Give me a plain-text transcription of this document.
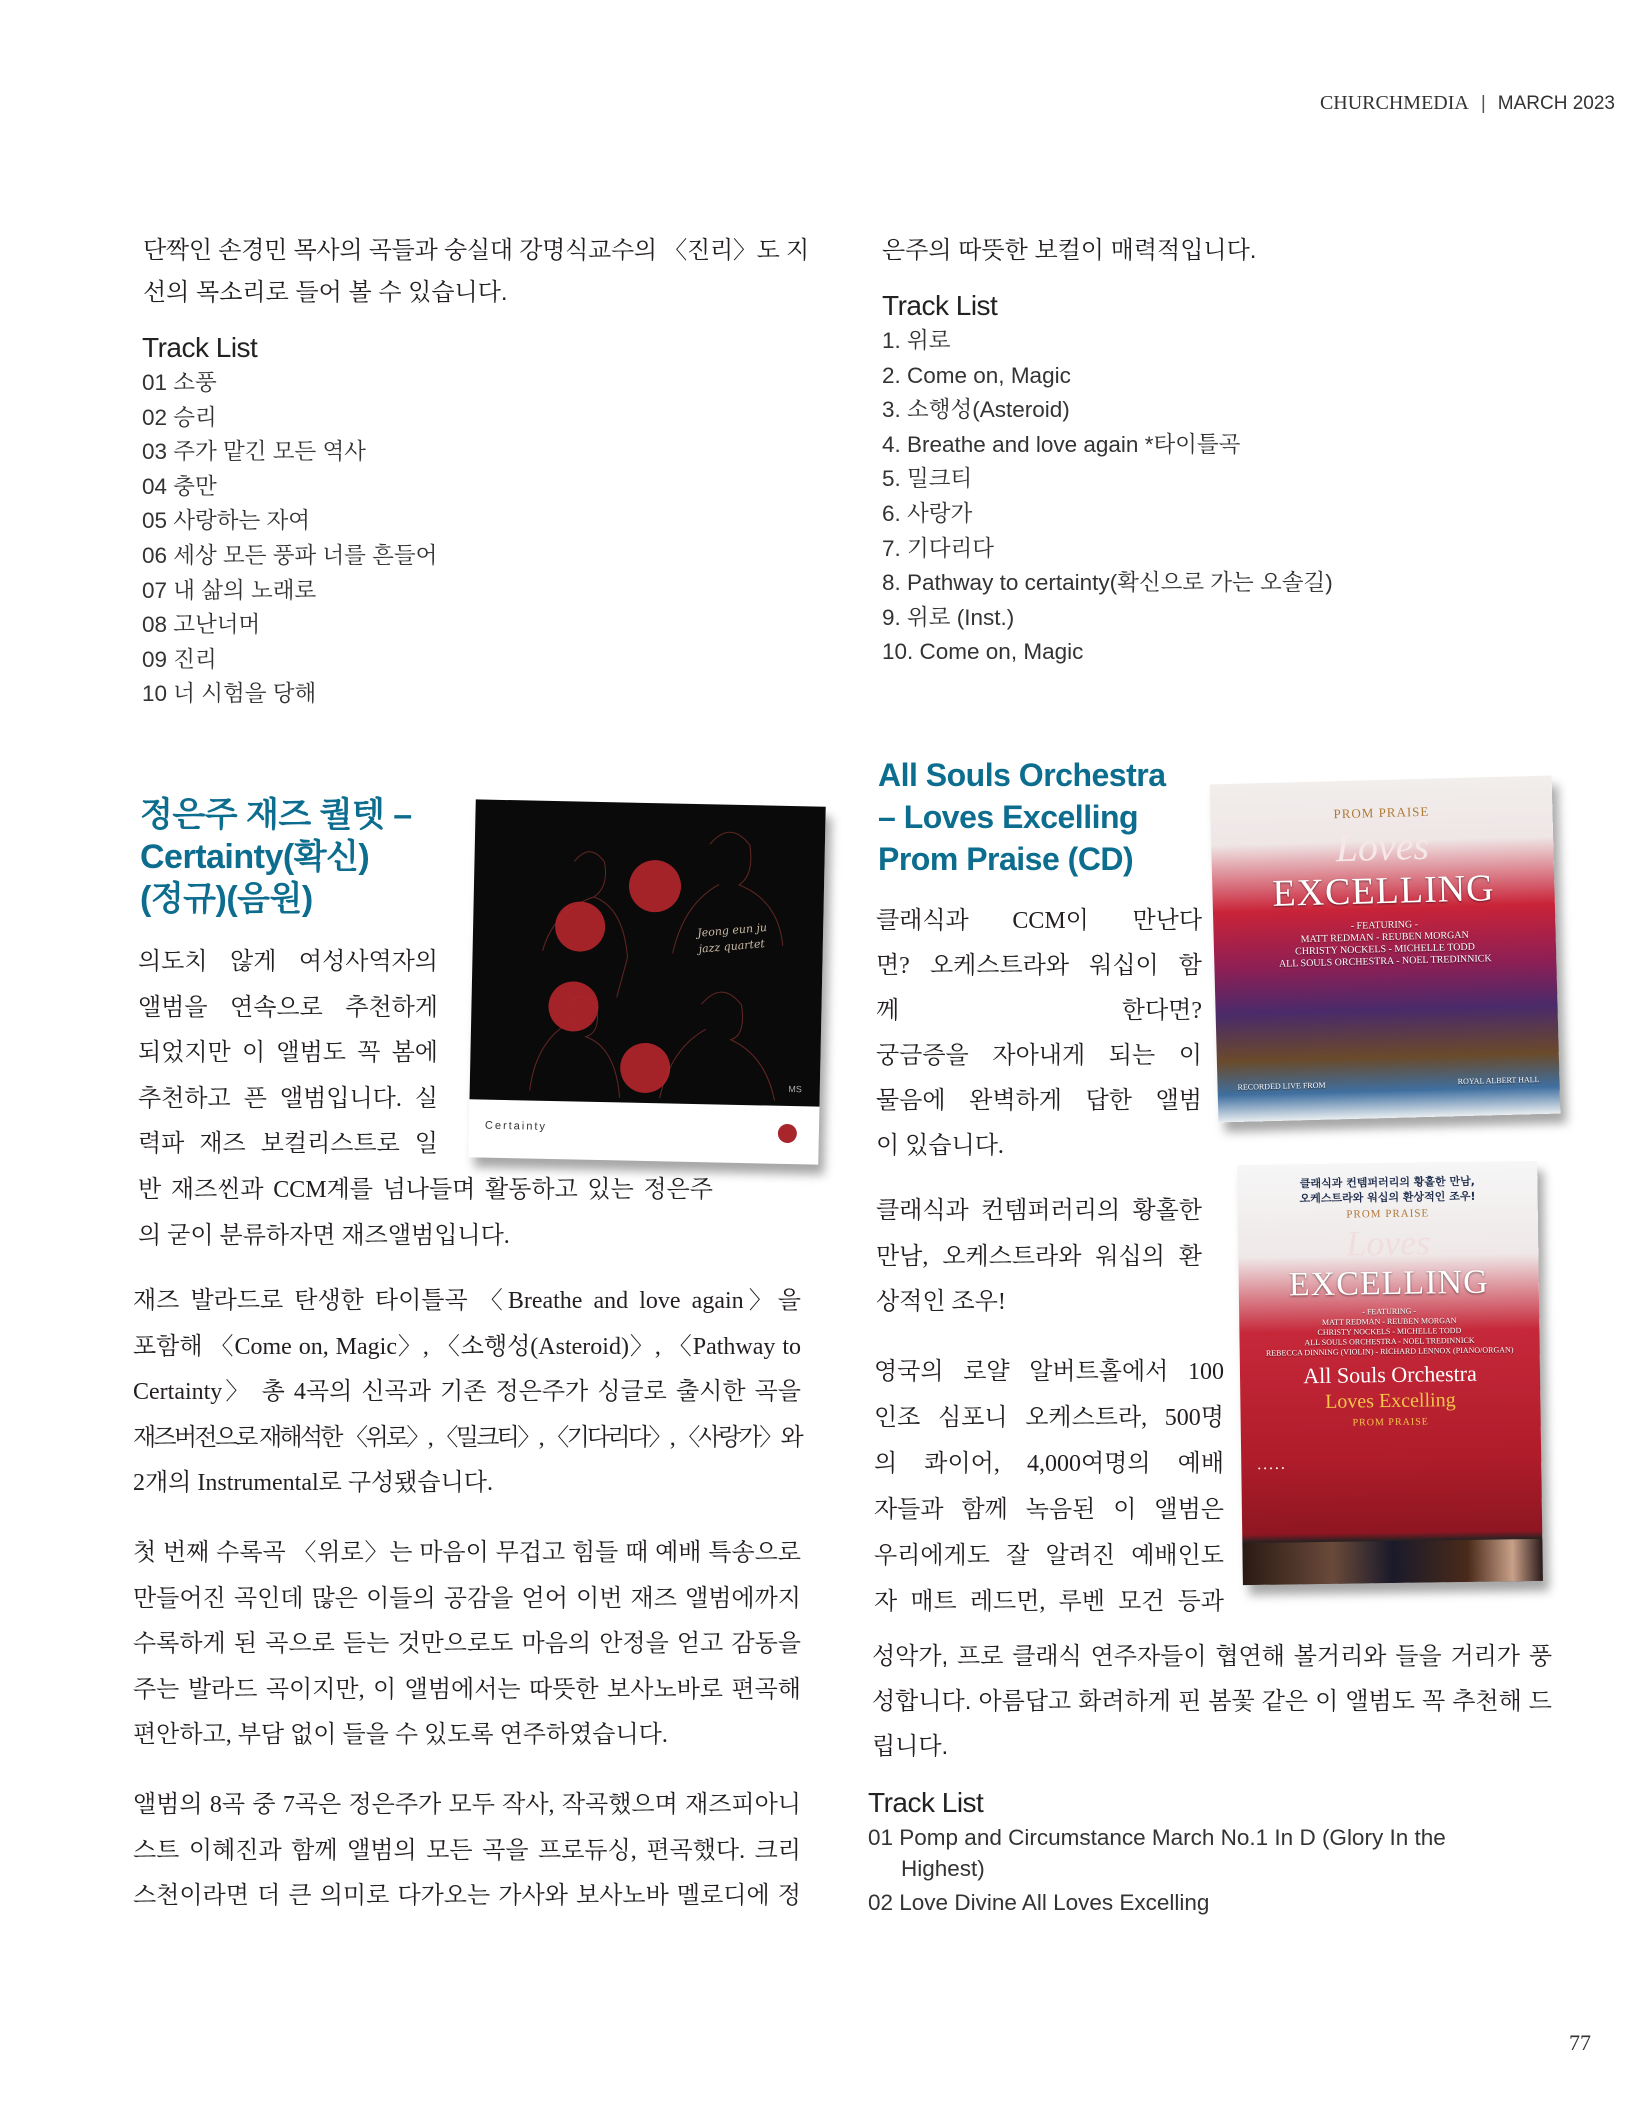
CHURCHMEDIA | MARCH 2023
단짝인 손경민 목사의 곡들과 숭실대 강명식교수의 〈진리〉도 지
선의 목소리로 들어 볼 수 있습니다.
Track List
01 소풍
02 승리
03 주가 맡긴 모든 역사
04 충만
05 사랑하는 자여
06 세상 모든 풍파 너를 흔들어
07 내 삶의 노래로
08 고난너머
09 진리
10 너 시험을 당해
정은주 재즈 퀄텟 –
Certainty(확신)
(정규)(음원)
Jeong eun ju
jazz quartet
MS
Certainty
의도치 않게 여성사역자의
앨범을 연속으로 추천하게
되었지만 이 앨범도 꼭 봄에
추천하고 픈 앨범입니다. 실
력파 재즈 보컬리스트로 일
반 재즈씬과 CCM계를 넘나들며 활동하고 있는 정은주
의 굳이 분류하자면 재즈앨범입니다.
재즈 발라드로 탄생한 타이틀곡 〈Breathe and love again〉을
포함해 〈Come on, Magic〉, 〈소행성(Asteroid)〉, 〈Pathway to
Certainty〉 총 4곡의 신곡과 기존 정은주가 싱글로 출시한 곡을
재즈버전으로 재해석한 〈위로〉, 〈밀크티〉, 〈기다리다〉, 〈사랑가〉와
2개의 Instrumental로 구성됐습니다.
첫 번째 수록곡 〈위로〉는 마음이 무겁고 힘들 때 예배 특송으로
만들어진 곡인데 많은 이들의 공감을 얻어 이번 재즈 앨범에까지
수록하게 된 곡으로 듣는 것만으로도 마음의 안정을 얻고 감동을
주는 발라드 곡이지만, 이 앨범에서는 따뜻한 보사노바로 편곡해
편안하고, 부담 없이 들을 수 있도록 연주하였습니다.
앨범의 8곡 중 7곡은 정은주가 모두 작사, 작곡했으며 재즈피아니
스트 이혜진과 함께 앨범의 모든 곡을 프로듀싱, 편곡했다. 크리
스천이라면 더 큰 의미로 다가오는 가사와 보사노바 멜로디에 정
은주의 따뜻한 보컬이 매력적입니다.
Track List
1. 위로
2. Come on, Magic
3. 소행성(Asteroid)
4. Breathe and love again *타이틀곡
5. 밀크티
6. 사랑가
7. 기다리다
8. Pathway to certainty(확신으로 가는 오솔길)
9. 위로 (Inst.)
10. Come on, Magic
All Souls Orchestra
– Loves Excelling
Prom Praise (CD)
PROM PRAISE
Loves
EXCELLING
- FEATURING -
MATT REDMAN - REUBEN MORGAN
CHRISTY NOCKELS - MICHELLE TODD
ALL SOULS ORCHESTRA - NOEL TREDINNICK
RECORDED LIVE FROM
ROYAL ALBERT HALL
클래식과 CCM이 만난다
면? 오케스트라와 워십이 함
께 한다면?
궁금증을 자아내게 되는 이
물음에 완벽하게 답한 앨범
이 있습니다.
클래식과 컨템퍼러리의 황홀한
만남, 오케스트라와 워십의 환
상적인 조우!
영국의 로얄 알버트홀에서 100
인조 심포니 오케스트라, 500명
의 콰이어, 4,000여명의 예배
자들과 함께 녹음된 이 앨범은
우리에게도 잘 알려진 예배인도
자 매트 레드먼, 루벤 모건 등과
성악가, 프로 클래식 연주자들이 협연해 볼거리와 들을 거리가 풍
성합니다. 아름답고 화려하게 핀 봄꽃 같은 이 앨범도 꼭 추천해 드
립니다.
클래식과 컨템퍼러리의 황홀한 만남,
오케스트라와 워십의 환상적인 조우!
PROM PRAISE
Loves
EXCELLING
- FEATURING -
MATT REDMAN - REUBEN MORGAN
CHRISTY NOCKELS - MICHELLE TODD
ALL SOULS ORCHESTRA - NOEL TREDINNICK
REBECCA DINNING (VIOLIN) - RICHARD LENNOX (PIANO/ORGAN)
All Souls Orchestra
Loves Excelling
PROM PRAISE
• • • • •
Track List
01 Pomp and Circumstance March No.1 In D (Glory In the
Highest)
02 Love Divine All Loves Excelling
77
